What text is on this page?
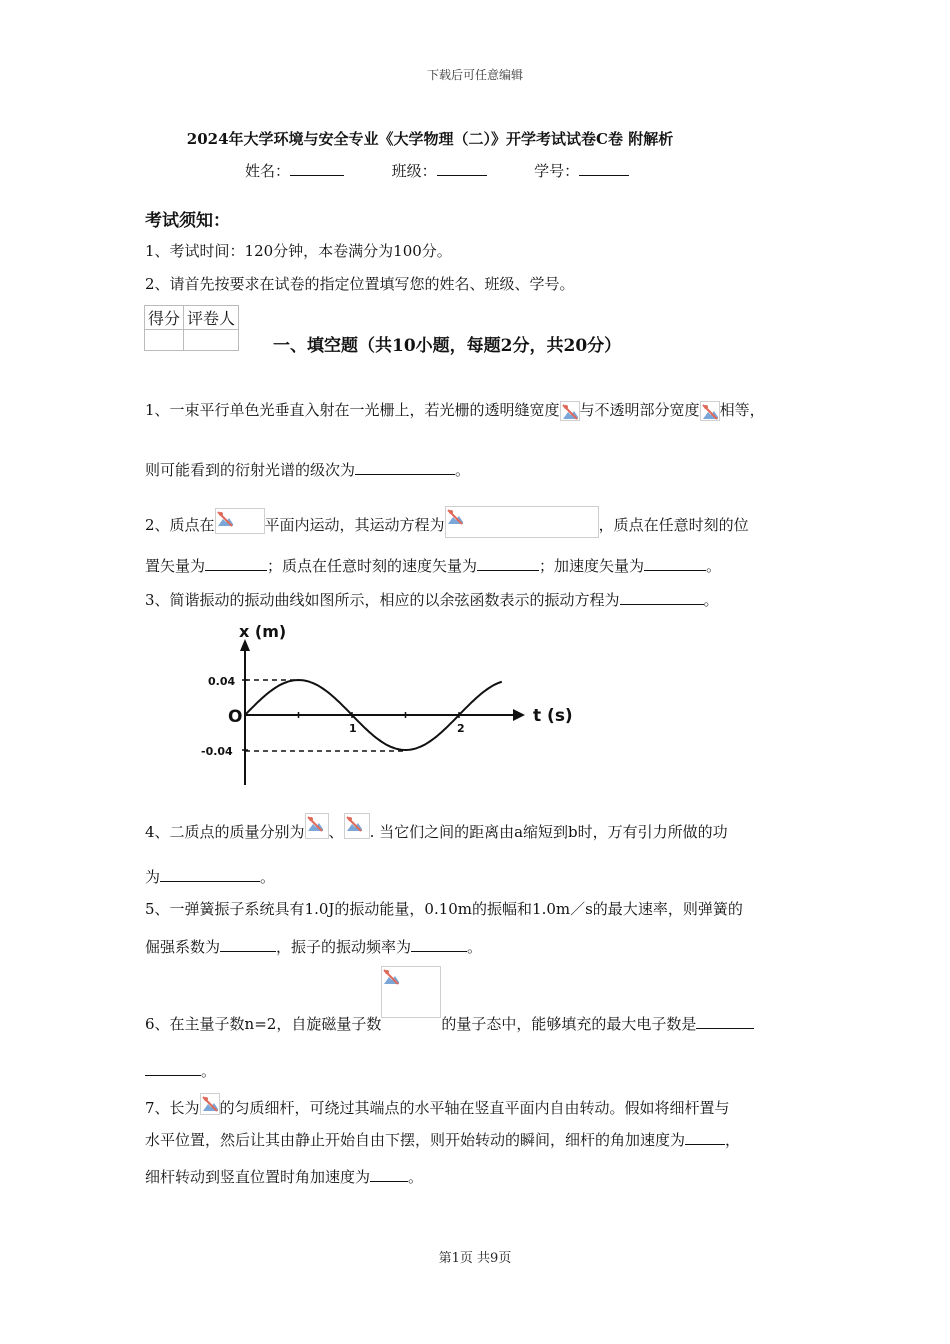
下载后可任意编辑
2024年大学环境与安全专业《大学物理（二）》开学考试试卷C卷 附解析
姓名：	班级：	学号：
考试须知：
1、考试时间：120分钟，本卷满分为100分。
2、请首先按要求在试卷的指定位置填写您的姓名、班级、学号。
得分	评卷人

一、填空题（共10小题，每题2分，共20分）
1、一束平行单色光垂直入射在一光栅上，若光栅的透明缝宽度 与不透明部分宽度 相等，
则可能看到的衍射光谱的级次为	。
2、质点在	平面内运动，其运动方程为	，质点在任意时刻的位
置矢量为	；质点在任意时刻的速度矢量为	；加速度矢量为	。
3、简谐振动的振动曲线如图所示，相应的以余弦函数表示的振动方程为	。
x (m)
t (s)
O
0.04
-0.04
1	2
4、二质点的质量分别为 、 . 当它们之间的距离由a缩短到b时，万有引力所做的功
为	。
5、一弹簧振子系统具有1.0J的振动能量，0.10m的振幅和1.0m／s的最大速率，则弹簧的
倔强系数为	，振子的振动频率为	。
6、在主量子数n=2，自旋磁量子数	的量子态中，能够填充的最大电子数是
。
7、长为 的匀质细杆，可绕过其端点的水平轴在竖直平面内自由转动。假如将细杆置与
水平位置，然后让其由静止开始自由下摆，则开始转动的瞬间，细杆的角加速度为	，
细杆转动到竖直位置时角加速度为	。
第1页 共9页
